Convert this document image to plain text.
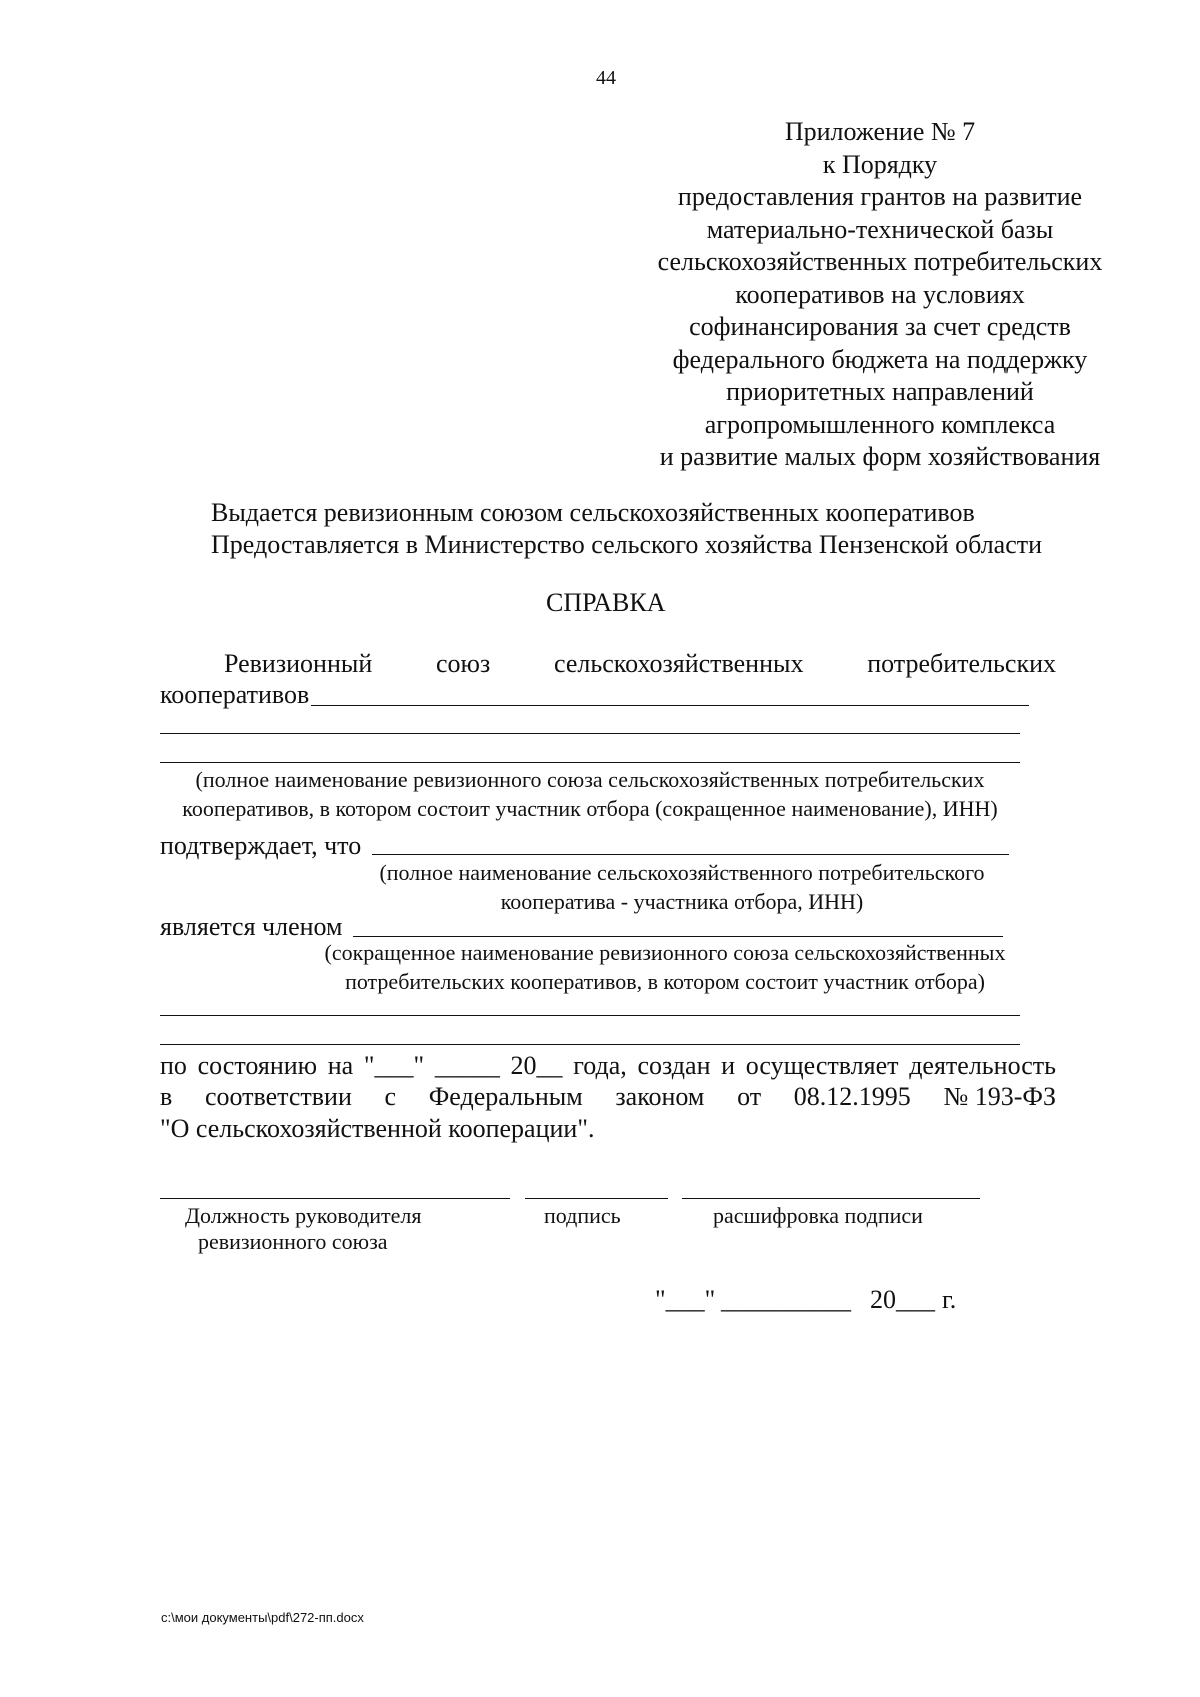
44
Приложение № 7
к Порядку
предоставления грантов на развитие
материально-технической базы
сельскохозяйственных потребительских
кооперативов на условиях
софинансирования за счет средств
федерального бюджета на поддержку
приоритетных направлений
агропромышленного комплекса
и развитие малых форм хозяйствования
Выдается ревизионным союзом сельскохозяйственных кооперативов
Предоставляется в Министерство сельского хозяйства Пензенской области
СПРАВКА
Ревизионный союз сельскохозяйственных потребительских
кооперативов
(полное наименование ревизионного союза сельскохозяйственных потребительских
кооперативов, в котором состоит участник отбора (сокращенное наименование), ИНН)
подтверждает, что
(полное наименование сельскохозяйственного потребительского
кооператива - участника отбора, ИНН)
является членом
(сокращенное наименование ревизионного союза сельскохозяйственных
потребительских кооперативов, в котором состоит участник отбора)
по состоянию на "___" _____ 20__ года, создан и осуществляет деятельность
в соответствии с Федеральным законом от 08.12.1995 № 193-ФЗ
"О сельскохозяйственной кооперации".
Должность руководителя
ревизионного союза
подпись	расшифровка подписи
"___" __________ 20___ г.
c:\мои документы\pdf\272-пп.docx
